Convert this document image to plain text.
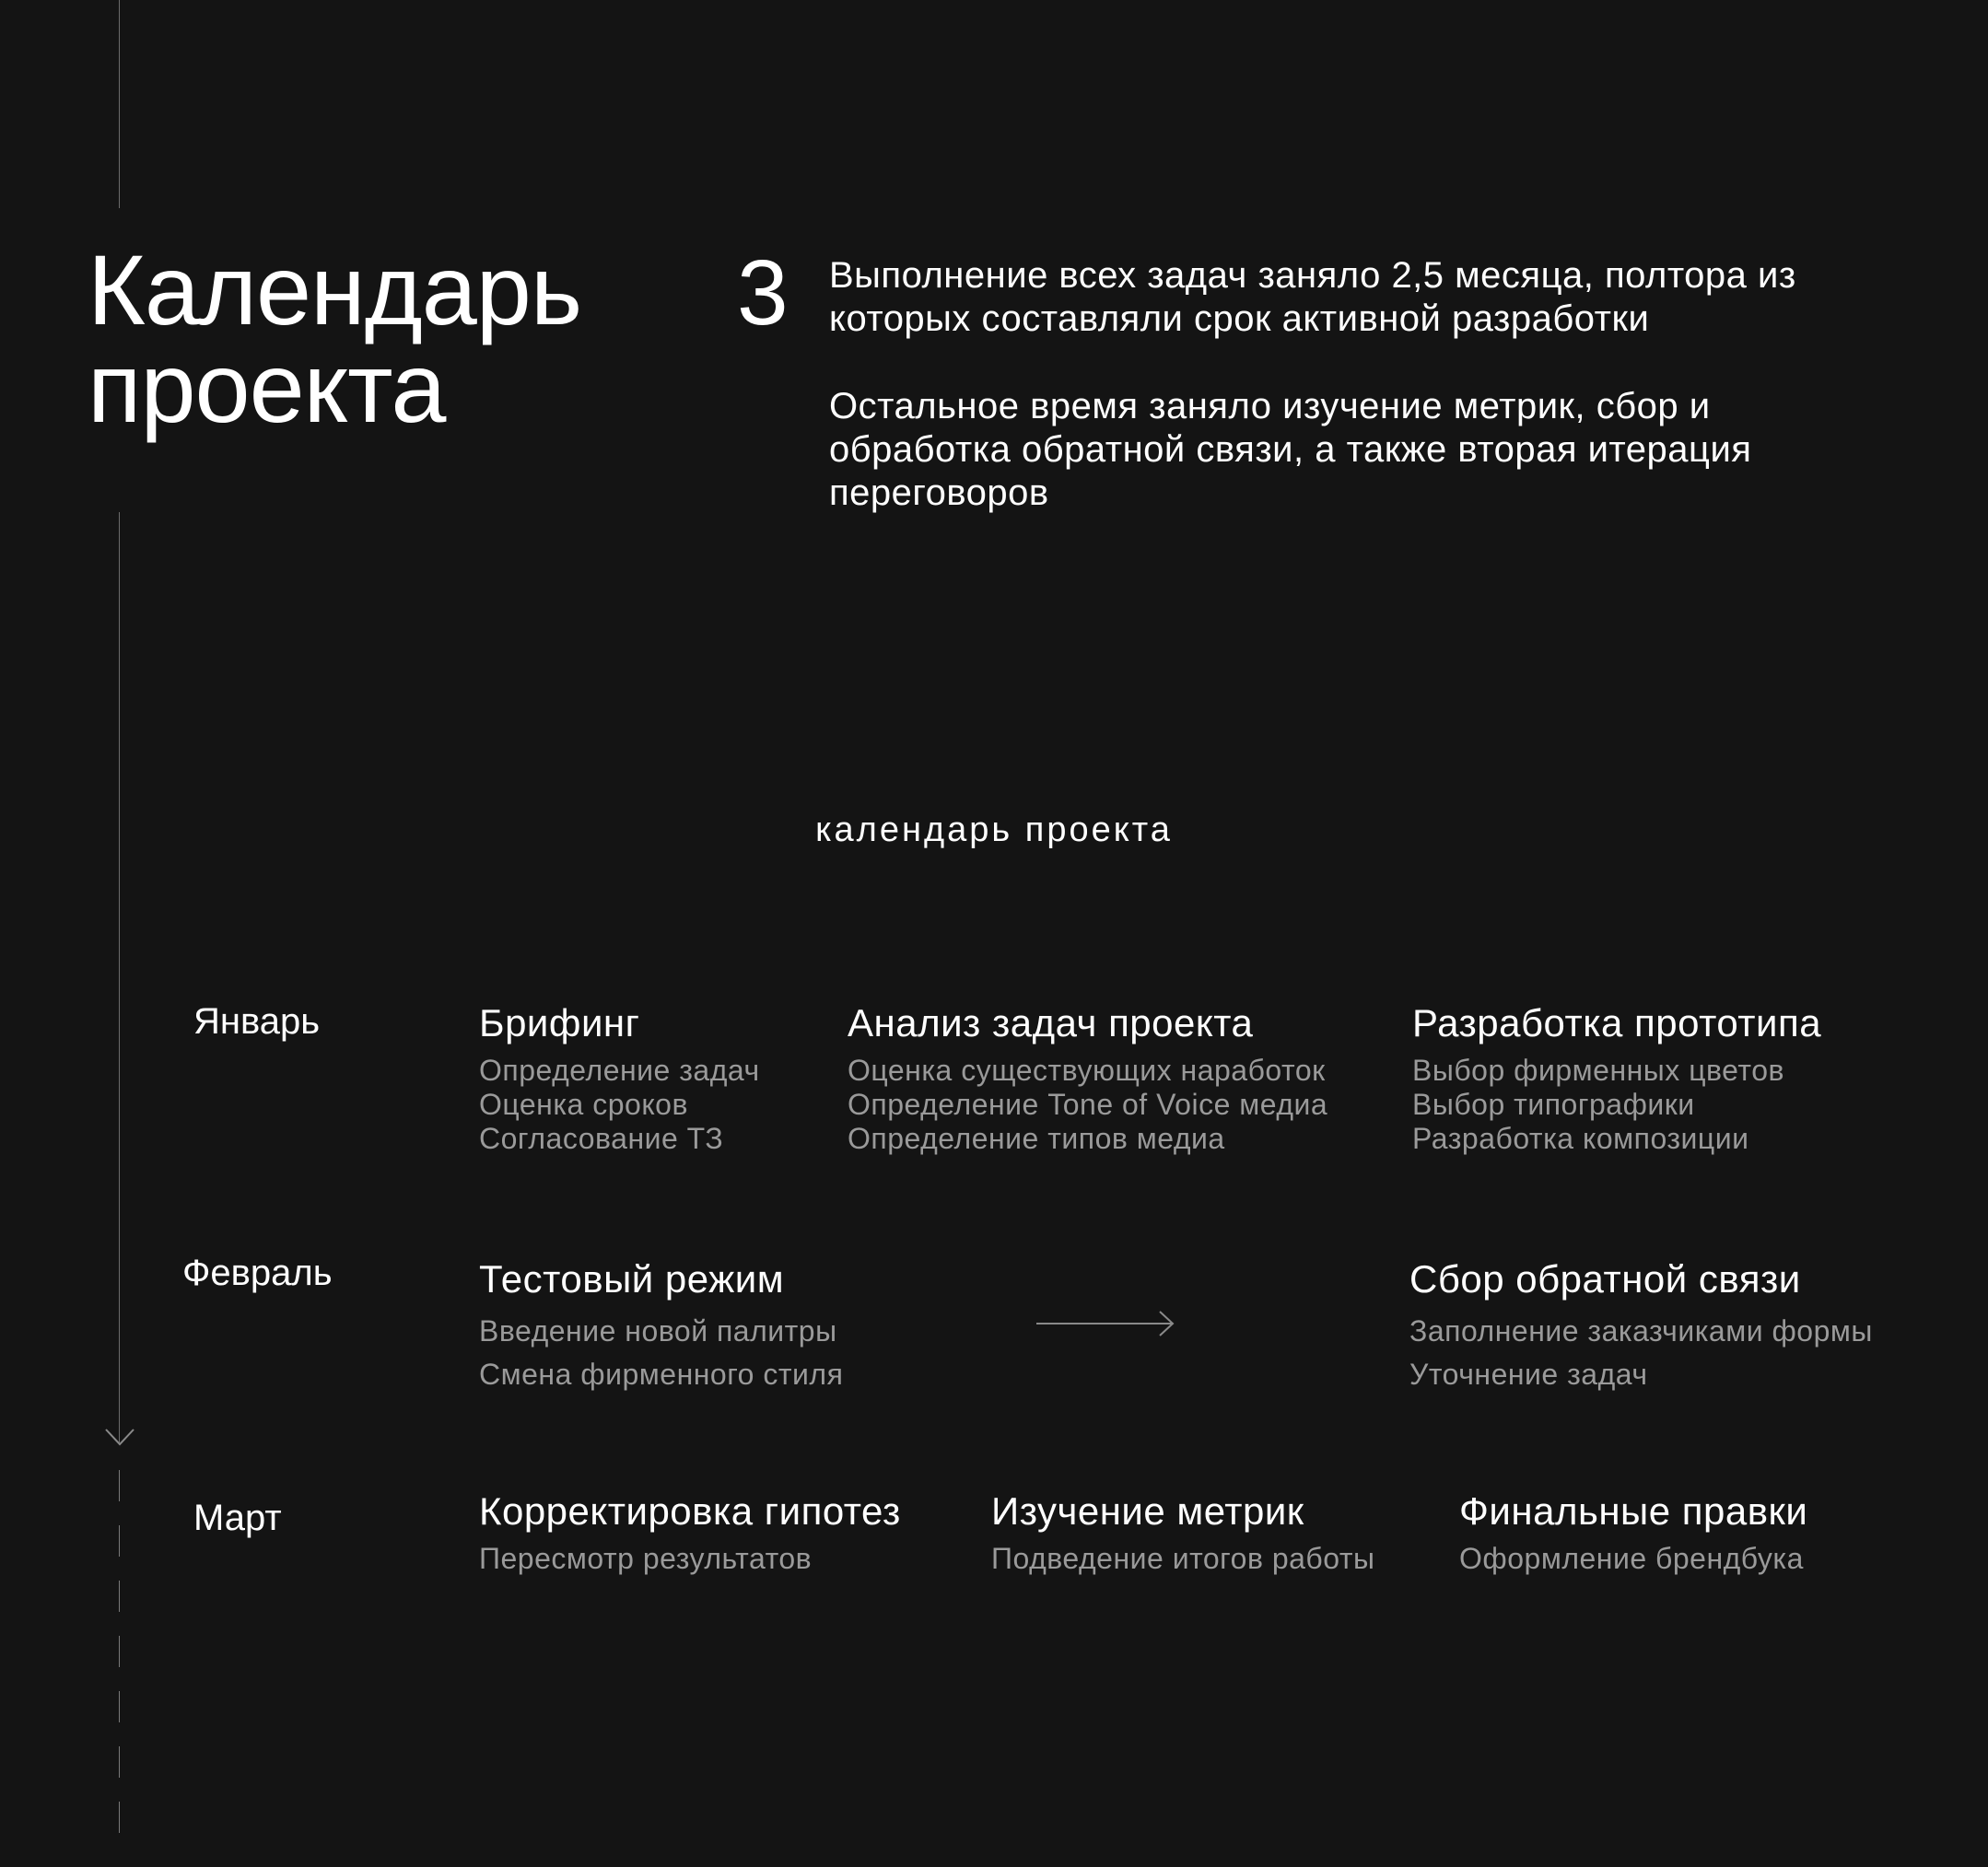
Календарь
проекта
3 Выполнение всех задач заняло 2,5 месяца, полтора из которых составляли срок активной разработки

Остальное время заняло изучение метрик, сбор и обработка обратной связи, а также вторая итерация переговоров

календарь проекта
Январь
Февраль
Март
Брифинг
Определение задач
Оценка сроков
Согласование ТЗ
Анализ задач проекта
Оценка существующих наработок
Определение Tone of Voice медиа
Определение типов медиа
Разработка прототипа
Выбор фирменных цветов
Выбор типографики
Разработка композиции
Тестовый режим
Введение новой палитры
Смена фирменного стиля
Сбор обратной связи
Заполнение заказчиками формы
Уточнение задач
Корректировка гипотез
Пересмотр результатов
Изучение метрик
Подведение итогов работы
Финальные правки
Оформление брендбука
